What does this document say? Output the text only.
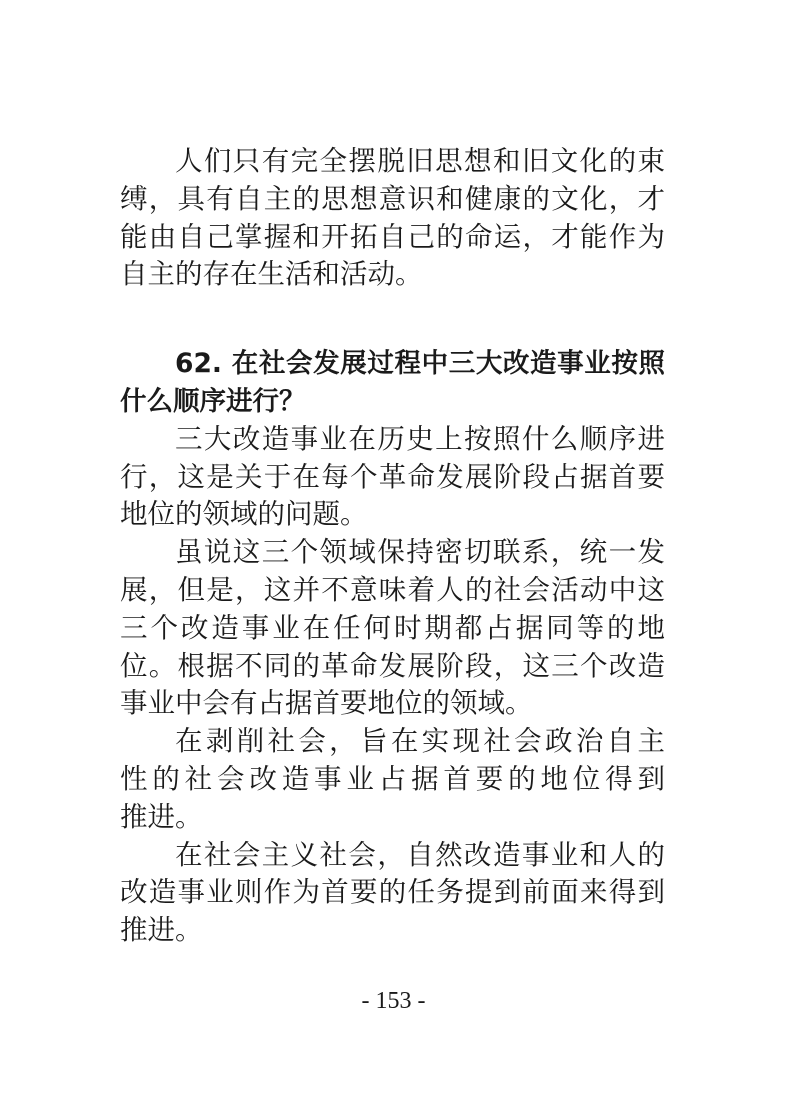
人们只有完全摆脱旧思想和旧文化的束
缚，具有自主的思想意识和健康的文化，才
能由自己掌握和开拓自己的命运，才能作为
自主的存在生活和活动。
62. 在社会发展过程中三大改造事业按照
什么顺序进行？
三大改造事业在历史上按照什么顺序进
行，这是关于在每个革命发展阶段占据首要
地位的领域的问题。
虽说这三个领域保持密切联系，统一发
展，但是，这并不意味着人的社会活动中这
三个改造事业在任何时期都占据同等的地
位。根据不同的革命发展阶段，这三个改造
事业中会有占据首要地位的领域。
在剥削社会，旨在实现社会政治自主
性的社会改造事业占据首要的地位得到
推进。
在社会主义社会，自然改造事业和人的
改造事业则作为首要的任务提到前面来得到
推进。
- 153 -
